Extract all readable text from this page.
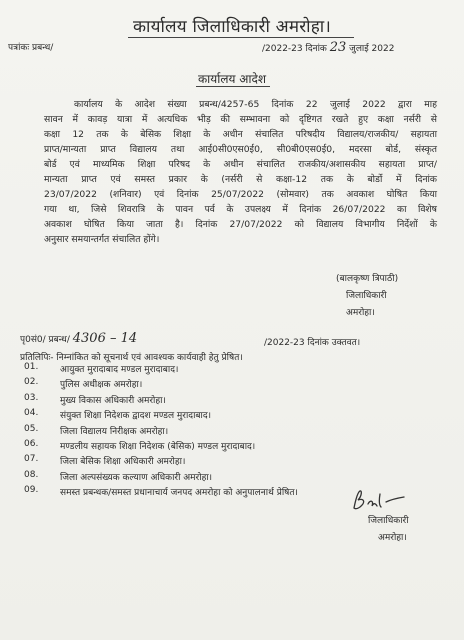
कार्यालय जिलाधिकारी अमरोहा।
पत्रांकः प्रबन्ध/	/2022-23 दिनांक 23 जुलाई 2022
कार्यालय आदेश
कार्यालय के आदेश संख्या प्रबन्ध/4257-65 दिनांक 22 जुलाई 2022 द्वारा माह
सावन में कावड़ यात्रा में अत्यधिक भीड़ की सम्भावना को दृष्टिगत रखते हुए कक्षा नर्सरी से
कक्षा 12 तक के बेसिक शिक्षा के अधीन संचालित परिषदीय विद्यालय/राजकीय/ सहायता
प्राप्त/मान्यता प्राप्त विद्यालय तथा आई0सी0एस0ई0, सी0बी0एस0ई0, मदरसा बोर्ड, संस्कृत
बोर्ड एवं माध्यमिक शिक्षा परिषद के अधीन संचालित राजकीय/अशासकीय सहायता प्राप्त/
मान्यता प्राप्त एवं समस्त प्रकार के (नर्सरी से कक्षा-12 तक के बोर्डो में दिनांक
23/07/2022 (शनिवार) एवं दिनांक 25/07/2022 (सोमवार) तक अवकाश घोषित किया
गया था, जिसे शिवरात्रि के पावन पर्व के उपलक्ष्य में दिनांक 26/07/2022 का विशेष
अवकाश घोषित किया जाता है। दिनांक 27/07/2022 को विद्यालय विभागीय निर्देशों के
अनुसार समयान्तर्गत संचालित होंगे।
(बालकृष्ण त्रिपाठी)
जिलाधिकारी
अमरोहा।
पृ0सं0/ प्रबन्ध/ 4306 – 14	/2022-23 दिनांक उक्तवत।
प्रतिलिपिः- निम्नांकित को सूचनार्थ एवं आवश्यक कार्यवाही हेतु प्रेषित।
01. आयुक्त मुरादाबाद मण्डल मुरादाबाद।
02. पुलिस अधीक्षक अमरोहा।
03. मुख्य विकास अधिकारी अमरोहा।
04. संयुक्त शिक्षा निदेशक द्वादश मण्डल मुरादाबाद।
05. जिला विद्यालय निरीक्षक अमरोहा।
06. मण्डलीय सहायक शिक्षा निदेशक (बेसिक) मण्डल मुरादाबाद।
07. जिला बेसिक शिक्षा अधिकारी अमरोहा।
08. जिला अल्पसंख्यक कल्याण अधिकारी अमरोहा।
09. समस्त प्रबन्धक/समस्त प्रधानाचार्य जनपद अमरोहा को अनुपालनार्थ प्रेषित।
जिलाधिकारी
अमरोहा।
